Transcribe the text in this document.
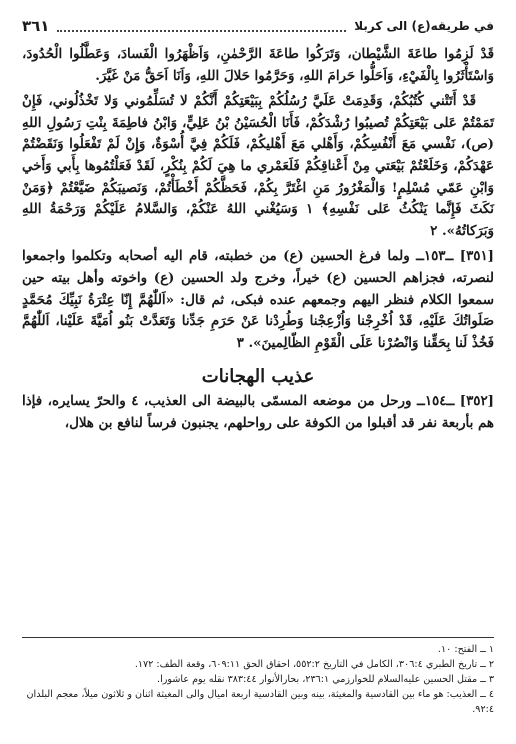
في طريقه(ع) الى كربلا
٣٦١

قَدْ لَزِمُوا طاعَةَ الشَّيْطان، وَتَرَكُوا طاعَةَ الرَّحْمٰنِ، وَاَظْهَرُوا الْفَسادَ، وَعَطَّلُوا الْحُدُودَ، وَاسْتَأْثَرُوا بِالْفَيْءِ، وَاَحَلُّوا حَرامَ اللهِ، وَحَرَّمُوا حَلالَ اللهِ، وَاَنَا اَحَقُّ مَنْ غَيَّرَ.

قَدْ أَتَتْني كُتُبُكُمْ، وَقَدِمَتْ عَلَيَّ رُسُلُكُمْ بِبَيْعَتِكُمْ أَنَّكُمْ لا تُسَلِّمُوني وَلا تَخْذُلُوني، فَإِنْ تَمَمْتُمْ عَلى بَيْعَتِكُمْ تُصيبُوا رُشْدَكُمْ، فَأَنَا الْحُسَيْنُ بْنُ عَلِيٍّ، وَابْنُ فاطِمَةَ بِنْتِ رَسُولِ اللهِ (ص)، نَفْسي مَعَ أَنْفُسِكُمْ، وَأَهْلي مَعَ أَهْليكُمْ، فَلَكُمْ فِيَّ أُسْوَةٌ، وَإِنْ لَمْ تَفْعَلُوا وَنَقَضْتُمْ عَهْدَكُمْ، وَخَلَعْتُمْ بَيْعَتي مِنْ أَعْناقِكُمْ فَلَعَمْري ما هِيَ لَكُمْ بِنُكْرٍ، لَقَدْ فَعَلْتُمُوها بِأَبي وَأَخي وَابْنِ عَمّي مُسْلِمٍ! وَالْمَغْرُورُ مَنِ اغْتَرَّ بِكُمْ، فَحَظَّكُمْ أَخْطَأْتُمْ، وَنَصيبَكُمْ ضَيَّعْتُمْ ﴿وَمَنْ نَكَثَ فَإِنَّما يَنْكُثُ عَلى نَفْسِهِ﴾ ١ وَسَيُغْني اللهُ عَنْكُمْ، وَالسَّلامُ عَلَيْكُمْ وَرَحْمَةُ اللهِ وَبَرَكاتُهُ». ٢

[٣٥١] ــ١٥٣ــ ولما فرغ الحسين (ع) من خطبته، قام اليه أصحابه وتكلموا واجمعوا لنصرته، فجزاهم الحسين (ع) خيراً، وخرج ولد الحسين (ع) واخوته وأهل بيته حين سمعوا الكلام فنظر اليهم وجمعهم عنده فبكى، ثم قال: «اَللّٰهُمَّ إِنّا عِتْرَةُ نَبِيِّكَ مُحَمَّدٍ صَلَواتُكَ عَلَيْهِ، قَدْ اُخْرِجْنا وَاُزْعِجْنا وَطُرِدْنا عَنْ حَرَمِ جَدِّنا وَتَعَدَّتْ بَنُو اُمَيَّةَ عَلَيْنا، اَللّٰهُمَّ فَخُذْ لَنا بِحَقِّنا وَانْصُرْنا عَلَى الْقَوْمِ الظّالِمينَ». ٣

عذيب الهجانات

[٣٥٢] ــ١٥٤ــ ورحل من موضعه المسمّى بالبيضة الى العذيب، ٤ والحرّ يسايره، فإذا هم بأربعة نفر قد أقبلوا من الكوفة على رواحلهم، يجنبون فرساً لنافع بن هلال،

١ ــ الفتح: ١٠.

٢ ــ تاريخ الطبري ٣٠٦:٤، الكامل في التاريخ ٥٥٢:٢، احقاق الحق ٦٠٩:١١، وقعة الطف: ١٧٢.

٣ ــ مقتل الحسين عليه‌السلام للخوارزمي ٢٣٦:١، بحارالأنوار ٣٨٣:٤٤ نقله يوم عاشورا.

٤ ــ العذيب: هو ماء بين القادسية والمغيثة، بينه وبين القادسية اربعة اميال والى المغيثة اثنان و ثلاثون ميلاً، معجم البلدان ٩٢:٤.
